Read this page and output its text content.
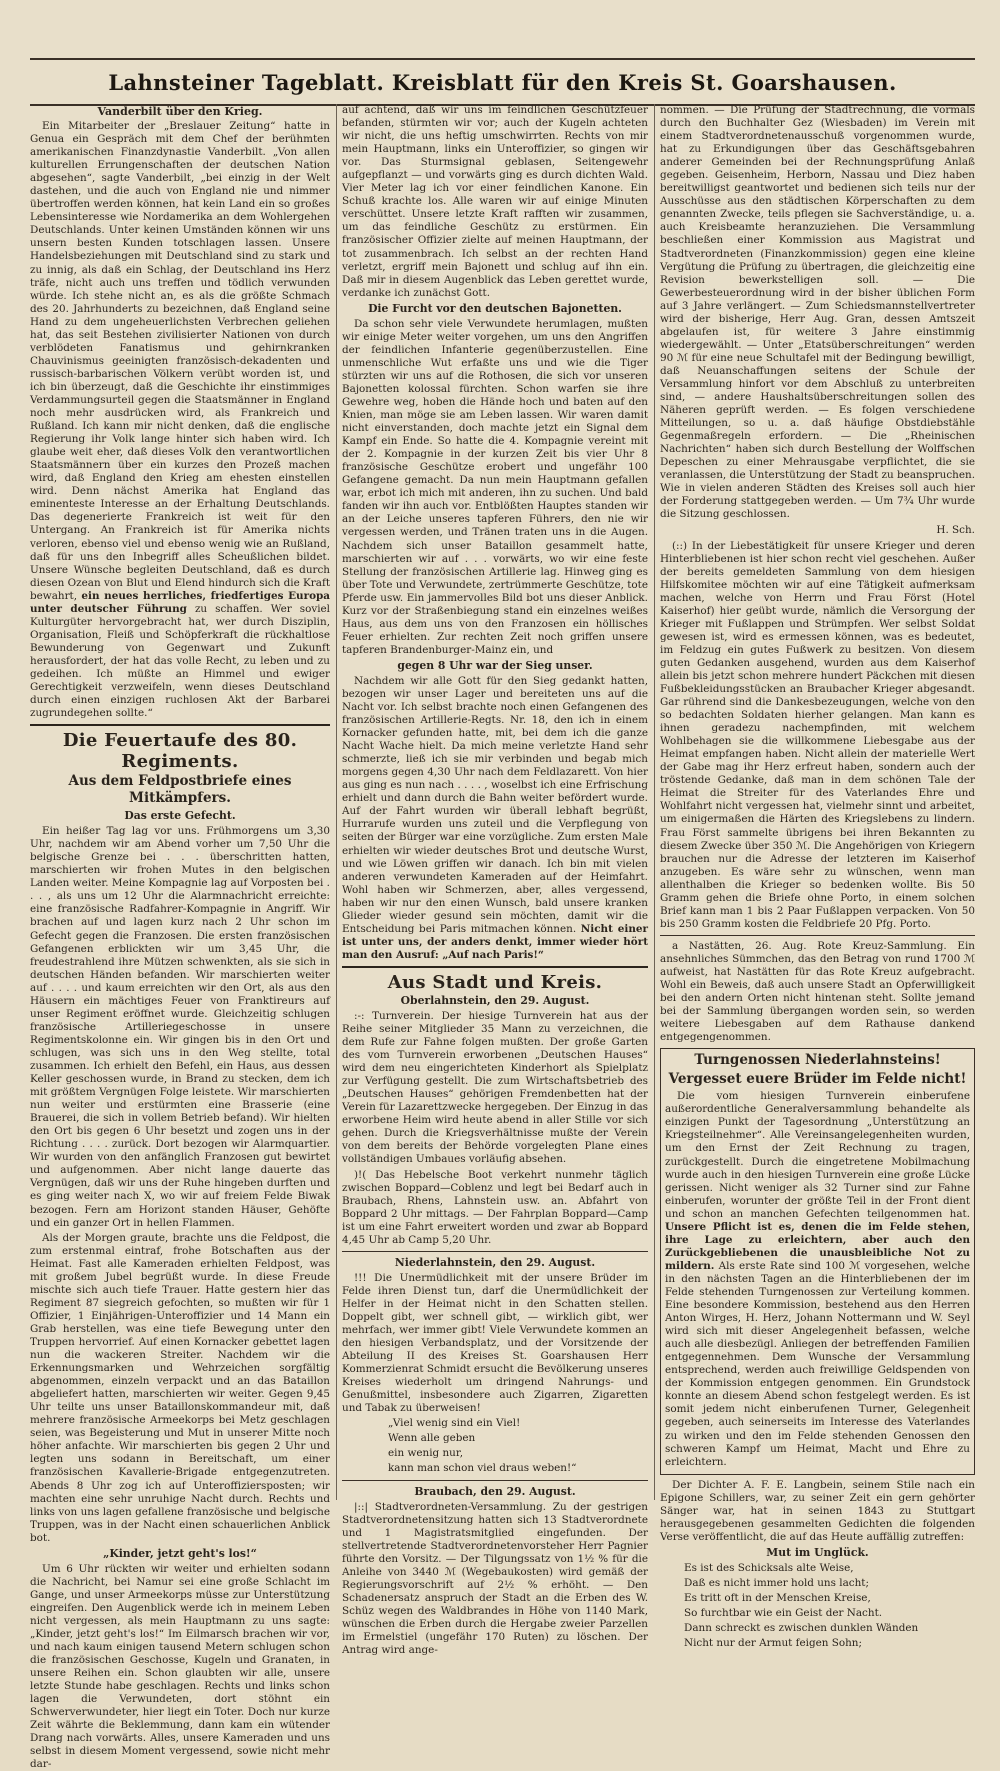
Lahnsteiner Tageblatt. Kreisblatt für den Kreis St. Goarshausen.
Vanderbilt über den Krieg.

Ein Mitarbeiter der „Breslauer Zeitung“ hatte in Genua ein Gespräch mit dem Chef der berühmten amerikanischen Finanzdynastie Vanderbilt. „Von allen kulturellen Errungenschaften der deutschen Nation abgesehen“, sagte Vanderbilt, „bei einzig in der Welt dastehen, und die auch von England nie und nimmer übertroffen werden können, hat kein Land ein so großes Lebensinteresse wie Nordamerika an dem Wohlergehen Deutschlands. Unter keinen Umständen können wir uns unsern besten Kunden totschlagen lassen. Unsere Handelsbeziehungen mit Deutschland sind zu stark und zu innig, als daß ein Schlag, der Deutschland ins Herz träfe, nicht auch uns treffen und tödlich verwunden würde. Ich stehe nicht an, es als die größte Schmach des 20. Jahrhunderts zu bezeichnen, daß England seine Hand zu dem ungeheuerlichsten Verbrechen geliehen hat, das seit Bestehen zivilisierter Nationen von durch verblödeten Fanatismus und gehirnkranken Chauvinismus geeinigten französisch-dekadenten und russisch-barbarischen Völkern verübt worden ist, und ich bin überzeugt, daß die Geschichte ihr einstimmiges Verdammungsurteil gegen die Staatsmänner in England noch mehr ausdrücken wird, als Frankreich und Rußland. Ich kann mir nicht denken, daß die englische Regierung ihr Volk lange hinter sich haben wird. Ich glaube weit eher, daß dieses Volk den verantwortlichen Staatsmännern über ein kurzes den Prozeß machen wird, daß England den Krieg am ehesten einstellen wird. Denn nächst Amerika hat England das eminenteste Interesse an der Erhaltung Deutschlands. Das degenerierte Frankreich ist weit für den Untergang. An Frankreich ist für Amerika nichts verloren, ebenso viel und ebenso wenig wie an Rußland, daß für uns den Inbegriff alles Scheußlichen bildet. Unsere Wünsche begleiten Deutschland, daß es durch diesen Ozean von Blut und Elend hindurch sich die Kraft bewahrt, ein neues herrliches, friedfertiges Europa unter deutscher Führung zu schaffen. Wer soviel Kulturgüter hervorgebracht hat, wer durch Disziplin, Organisation, Fleiß und Schöpferkraft die rückhaltlose Bewunderung von Gegenwart und Zukunft herausfordert, der hat das volle Recht, zu leben und zu gedeihen. Ich müßte an Himmel und ewiger Gerechtigkeit verzweifeln, wenn dieses Deutschland durch einen einzigen ruchlosen Akt der Barbarei zugrundegehen sollte.“

Die Feuertaufe des 80. Regiments.
Aus dem Feldpostbriefe eines Mitkämpfers.
Das erste Gefecht.

Ein heißer Tag lag vor uns. Frühmorgens um 3,30 Uhr, nachdem wir am Abend vorher um 7,50 Uhr die belgische Grenze bei . . . überschritten hatten, marschierten wir frohen Mutes in den belgischen Landen weiter. Meine Kompagnie lag auf Vorposten bei . . . , als uns um 12 Uhr die Alarmnachricht erreichte: eine französische Radfahrer-Kompagnie in Angriff. Wir brachen auf und lagen kurz nach 2 Uhr schon im Gefecht gegen die Franzosen. Die ersten französischen Gefangenen erblickten wir um 3,45 Uhr, die freudestrahlend ihre Mützen schwenkten, als sie sich in deutschen Händen befanden. Wir marschierten weiter auf . . . . und kaum erreichten wir den Ort, als aus den Häusern ein mächtiges Feuer von Franktireurs auf unser Regiment eröffnet wurde. Gleichzeitig schlugen französische Artilleriegeschosse in unsere Regimentskolonne ein. Wir gingen bis in den Ort und schlugen, was sich uns in den Weg stellte, total zusammen. Ich erhielt den Befehl, ein Haus, aus dessen Keller geschossen wurde, in Brand zu stecken, dem ich mit größtem Vergnügen Folge leistete. Wir marschierten nun weiter und erstürmten eine Brasserie (eine Brauerei, die sich in vollem Betrieb befand). Wir hielten den Ort bis gegen 6 Uhr besetzt und zogen uns in der Richtung . . . . zurück. Dort bezogen wir Alarmquartier. Wir wurden von den anfänglich Franzosen gut bewirtet und aufgenommen. Aber nicht lange dauerte das Vergnügen, daß wir uns der Ruhe hingeben durften und es ging weiter nach X, wo wir auf freiem Felde Biwak bezogen. Fern am Horizont standen Häuser, Gehöfte und ein ganzer Ort in hellen Flammen.

Als der Morgen graute, brachte uns die Feldpost, die zum erstenmal eintraf, frohe Botschaften aus der Heimat. Fast alle Kameraden erhielten Feldpost, was mit großem Jubel begrüßt wurde. In diese Freude mischte sich auch tiefe Trauer. Hatte gestern hier das Regiment 87 siegreich gefochten, so mußten wir für 1 Offizier, 1 Einjährigen-Unteroffizier und 14 Mann ein Grab herstellen, was eine tiefe Bewegung unter den Truppen hervorrief. Auf einen Kornacker gebettet lagen nun die wackeren Streiter. Nachdem wir die Erkennungsmarken und Wehrzeichen sorgfältig abgenommen, einzeln verpackt und an das Bataillon abgeliefert hatten, marschierten wir weiter. Gegen 9,45 Uhr teilte uns unser Bataillonskommandeur mit, daß mehrere französische Armeekorps bei Metz geschlagen seien, was Begeisterung und Mut in unserer Mitte noch höher anfachte. Wir marschierten bis gegen 2 Uhr und legten uns sodann in Bereitschaft, um einer französischen Kavallerie-Brigade entgegenzutreten. Abends 8 Uhr zog ich auf Unteroffiziersposten; wir machten eine sehr unruhige Nacht durch. Rechts und links von uns lagen gefallene französische und belgische Truppen, was in der Nacht einen schauerlichen Anblick bot.

„Kinder, jetzt geht's los!“

Um 6 Uhr rückten wir weiter und erhielten sodann die Nachricht, bei Namur sei eine große Schlacht im Gange, und unser Armeekorps müsse zur Unterstützung eingreifen. Den Augenblick werde ich in meinem Leben nicht vergessen, als mein Hauptmann zu uns sagte: „Kinder, jetzt geht's los!“ Im Eilmarsch brachen wir vor, und nach kaum einigen tausend Metern schlugen schon die französischen Geschosse, Kugeln und Granaten, in unsere Reihen ein. Schon glaubten wir alle, unsere letzte Stunde habe geschlagen. Rechts und links schon lagen die Verwundeten, dort stöhnt ein Schwerverwundeter, hier liegt ein Toter. Doch nur kurze Zeit währte die Beklemmung, dann kam ein wütender Drang nach vorwärts. Alles, unsere Kameraden und uns selbst in diesem Moment vergessend, sowie nicht mehr dar-

auf achtend, daß wir uns im feindlichen Geschützfeuer befanden, stürmten wir vor; auch der Kugeln achteten wir nicht, die uns heftig umschwirrten. Rechts von mir mein Hauptmann, links ein Unteroffizier, so gingen wir vor. Das Sturmsignal geblasen, Seitengewehr aufgepflanzt — und vorwärts ging es durch dichten Wald. Vier Meter lag ich vor einer feindlichen Kanone. Ein Schuß krachte los. Alle waren wir auf einige Minuten verschüttet. Unsere letzte Kraft rafften wir zusammen, um das feindliche Geschütz zu erstürmen. Ein französischer Offizier zielte auf meinen Hauptmann, der tot zusammenbrach. Ich selbst an der rechten Hand verletzt, ergriff mein Bajonett und schlug auf ihn ein. Daß mir in diesem Augenblick das Leben gerettet wurde, verdanke ich zunächst Gott.

Die Furcht vor den deutschen Bajonetten.

Da schon sehr viele Verwundete herumlagen, mußten wir einige Meter weiter vorgehen, um uns den Angriffen der feindlichen Infanterie gegenüberzustellen. Eine unmenschliche Wut erfaßte uns und wie die Tiger stürzten wir uns auf die Rothosen, die sich vor unseren Bajonetten kolossal fürchten. Schon warfen sie ihre Gewehre weg, hoben die Hände hoch und baten auf den Knien, man möge sie am Leben lassen. Wir waren damit nicht einverstanden, doch machte jetzt ein Signal dem Kampf ein Ende. So hatte die 4. Kompagnie vereint mit der 2. Kompagnie in der kurzen Zeit bis vier Uhr 8 französische Geschütze erobert und ungefähr 100 Gefangene gemacht. Da nun mein Hauptmann gefallen war, erbot ich mich mit anderen, ihn zu suchen. Und bald fanden wir ihn auch vor. Entblößten Hauptes standen wir an der Leiche unseres tapferen Führers, den nie wir vergessen werden, und Tränen traten uns in die Augen. Nachdem sich unser Bataillon gesammelt hatte, marschierten wir auf . . . vorwärts, wo wir eine feste Stellung der französischen Artillerie lag. Hinweg ging es über Tote und Verwundete, zertrümmerte Geschütze, tote Pferde usw. Ein jammervolles Bild bot uns dieser Anblick. Kurz vor der Straßenbiegung stand ein einzelnes weißes Haus, aus dem uns von den Franzosen ein höllisches Feuer erhielten. Zur rechten Zeit noch griffen unsere tapferen Brandenburger-Mainz ein, und

gegen 8 Uhr war der Sieg unser.

Nachdem wir alle Gott für den Sieg gedankt hatten, bezogen wir unser Lager und bereiteten uns auf die Nacht vor. Ich selbst brachte noch einen Gefangenen des französischen Artillerie-Regts. Nr. 18, den ich in einem Kornacker gefunden hatte, mit, bei dem ich die ganze Nacht Wache hielt. Da mich meine verletzte Hand sehr schmerzte, ließ ich sie mir verbinden und begab mich morgens gegen 4,30 Uhr nach dem Feldlazarett. Von hier aus ging es nun nach . . . . , woselbst ich eine Erfrischung erhielt und dann durch die Bahn weiter befördert wurde. Auf der Fahrt wurden wir überall lebhaft begrüßt, Hurrarufe wurden uns zuteil und die Verpflegung von seiten der Bürger war eine vorzügliche. Zum ersten Male erhielten wir wieder deutsches Brot und deutsche Wurst, und wie Löwen griffen wir danach. Ich bin mit vielen anderen verwundeten Kameraden auf der Heimfahrt. Wohl haben wir Schmerzen, aber, alles vergessend, haben wir nur den einen Wunsch, bald unsere kranken Glieder wieder gesund sein möchten, damit wir die Entscheidung bei Paris mitmachen können. Nicht einer ist unter uns, der anders denkt, immer wieder hört man den Ausruf: „Auf nach Paris!“

Aus Stadt und Kreis.
Oberlahnstein, den 29. August.

:-: Turnverein. Der hiesige Turnverein hat aus der Reihe seiner Mitglieder 35 Mann zu verzeichnen, die dem Rufe zur Fahne folgen mußten. Der große Garten des vom Turnverein erworbenen „Deutschen Hauses“ wird dem neu eingerichteten Kinderhort als Spielplatz zur Verfügung gestellt. Die zum Wirtschaftsbetrieb des „Deutschen Hauses“ gehörigen Fremdenbetten hat der Verein für Lazarettzwecke hergegeben. Der Einzug in das erworbene Heim wird heute abend in aller Stille vor sich gehen. Durch die Kriegsverhältnisse mußte der Verein von dem bereits der Behörde vorgelegten Plane eines vollständigen Umbaues vorläufig absehen.

)!( Das Hebelsche Boot verkehrt nunmehr täglich zwischen Boppard—Coblenz und legt bei Bedarf auch in Braubach, Rhens, Lahnstein usw. an. Abfahrt von Boppard 2 Uhr mittags. — Der Fahrplan Boppard—Camp ist um eine Fahrt erweitert worden und zwar ab Boppard 4,45 Uhr ab Camp 5,20 Uhr.

Niederlahnstein, den 29. August.

!!! Die Unermüdlichkeit mit der unsere Brüder im Felde ihren Dienst tun, darf die Unermüdlichkeit der Helfer in der Heimat nicht in den Schatten stellen. Doppelt gibt, wer schnell gibt, — wirklich gibt, wer mehrfach, wer immer gibt! Viele Verwundete kommen an den hiesigen Verbandsplatz, und der Vorsitzende der Abteilung II des Kreises St. Goarshausen Herr Kommerzienrat Schmidt ersucht die Bevölkerung unseres Kreises wiederholt um dringend Nahrungs- und Genußmittel, insbesondere auch Zigarren, Zigaretten und Tabak zu überweisen!

„Viel wenig sind ein Viel!
Wenn alle geben
ein wenig nur,
kann man schon viel draus weben!“
Braubach, den 29. August.

|::| Stadtverordneten-Versammlung. Zu der gestrigen Stadtverordnetensitzung hatten sich 13 Stadtverordnete und 1 Magistratsmitglied eingefunden. Der stellvertretende Stadtverordnetenvorsteher Herr Pagnier führte den Vorsitz. — Der Tilgungssatz von 1½ % für die Anleihe von 3440 ℳ (Wegebaukosten) wird gemäß der Regierungsvorschrift auf 2½ % erhöht. — Den Schadenersatz anspruch der Stadt an die Erben des W. Schüz wegen des Waldbrandes in Höhe von 1140 Mark, wünschen die Erben durch die Hergabe zweier Parzellen im Ermelstiel (ungefähr 170 Ruten) zu löschen. Der Antrag wird ange-

nommen. — Die Prüfung der Stadtrechnung, die vormals durch den Buchhalter Gez (Wiesbaden) im Verein mit einem Stadtverordnetenausschuß vorgenommen wurde, hat zu Erkundigungen über das Geschäftsgebahren anderer Gemeinden bei der Rechnungsprüfung Anlaß gegeben. Geisenheim, Herborn, Nassau und Diez haben bereitwilligst geantwortet und bedienen sich teils nur der Ausschüsse aus den städtischen Körperschaften zu dem genannten Zwecke, teils pflegen sie Sachverständige, u. a. auch Kreisbeamte heranzuziehen. Die Versammlung beschließen einer Kommission aus Magistrat und Stadtverordneten (Finanzkommission) gegen eine kleine Vergütung die Prüfung zu übertragen, die gleichzeitig eine Revision bewerkstelligen soll. — Die Gewerbesteuerordnung wird in der bisher üblichen Form auf 3 Jahre verlängert. — Zum Schiedsmannstellvertreter wird der bisherige, Herr Aug. Gran, dessen Amtszeit abgelaufen ist, für weitere 3 Jahre einstimmig wiedergewählt. — Unter „Etatsüberschreitungen“ werden 90 ℳ für eine neue Schultafel mit der Bedingung bewilligt, daß Neuanschaffungen seitens der Schule der Versammlung hinfort vor dem Abschluß zu unterbreiten sind, — andere Haushaltsüberschreitungen sollen des Näheren geprüft werden. — Es folgen verschiedene Mitteilungen, so u. a. daß häufige Obstdiebstähle Gegenmaßregeln erfordern. — Die „Rheinischen Nachrichten“ haben sich durch Bestellung der Wolffschen Depeschen zu einer Mehrausgabe verpflichtet, die sie veranlassen, die Unterstützung der Stadt zu beanspruchen. Wie in vielen anderen Städten des Kreises soll auch hier der Forderung stattgegeben werden. — Um 7¾ Uhr wurde die Sitzung geschlossen.

H. Sch.

(::) In der Liebestätigkeit für unsere Krieger und deren Hinterbliebenen ist hier schon recht viel geschehen. Außer der bereits gemeldeten Sammlung von dem hiesigen Hilfskomitee möchten wir auf eine Tätigkeit aufmerksam machen, welche von Herrn und Frau Först (Hotel Kaiserhof) hier geübt wurde, nämlich die Versorgung der Krieger mit Fußlappen und Strümpfen. Wer selbst Soldat gewesen ist, wird es ermessen können, was es bedeutet, im Feldzug ein gutes Fußwerk zu besitzen. Von diesem guten Gedanken ausgehend, wurden aus dem Kaiserhof allein bis jetzt schon mehrere hundert Päckchen mit diesen Fußbekleidungsstücken an Braubacher Krieger abgesandt. Gar rührend sind die Dankesbezeugungen, welche von den so bedachten Soldaten hierher gelangen. Man kann es ihnen geradezu nachempfinden, mit welchem Wohlbehagen sie die willkommene Liebesgabe aus der Heimat empfangen haben. Nicht allein der materielle Wert der Gabe mag ihr Herz erfreut haben, sondern auch der tröstende Gedanke, daß man in dem schönen Tale der Heimat die Streiter für des Vaterlandes Ehre und Wohlfahrt nicht vergessen hat, vielmehr sinnt und arbeitet, um einigermaßen die Härten des Kriegslebens zu lindern. Frau Först sammelte übrigens bei ihren Bekannten zu diesem Zwecke über 350 ℳ. Die Angehörigen von Kriegern brauchen nur die Adresse der letzteren im Kaiserhof anzugeben. Es wäre sehr zu wünschen, wenn man allenthalben die Krieger so bedenken wollte. Bis 50 Gramm gehen die Briefe ohne Porto, in einem solchen Brief kann man 1 bis 2 Paar Fußlappen verpacken. Von 50 bis 250 Gramm kosten die Feldbriefe 20 Pfg. Porto.

a Nastätten, 26. Aug. Rote Kreuz-Sammlung. Ein ansehnliches Sümmchen, das den Betrag von rund 1700 ℳ aufweist, hat Nastätten für das Rote Kreuz aufgebracht. Wohl ein Beweis, daß auch unsere Stadt an Opferwilligkeit bei den andern Orten nicht hintenan steht. Sollte jemand bei der Sammlung übergangen worden sein, so werden weitere Liebesgaben auf dem Rathause dankend entgegengenommen.

Turngenossen Niederlahnsteins!
Vergesset euere Brüder im Felde nicht!

Die vom hiesigen Turnverein einberufene außerordentliche Generalversammlung behandelte als einzigen Punkt der Tagesordnung „Unterstützung an Kriegsteilnehmer“. Alle Vereinsangelegenheiten wurden, um den Ernst der Zeit Rechnung zu tragen, zurückgestellt. Durch die eingetretene Mobilmachung wurde auch in den hiesigen Turnverein eine große Lücke gerissen. Nicht weniger als 32 Turner sind zur Fahne einberufen, worunter der größte Teil in der Front dient und schon an manchen Gefechten teilgenommen hat. Unsere Pflicht ist es, denen die im Felde stehen, ihre Lage zu erleichtern, aber auch den Zurückgebliebenen die unausbleibliche Not zu mildern. Als erste Rate sind 100 ℳ vorgesehen, welche in den nächsten Tagen an die Hinterbliebenen der im Felde stehenden Turngenossen zur Verteilung kommen. Eine besondere Kommission, bestehend aus den Herren Anton Wirges, H. Herz, Johann Nottermann und W. Seyl wird sich mit dieser Angelegenheit befassen, welche auch alle diesbezügl. Anliegen der betreffenden Familien entgegennehmen. Dem Wunsche der Versammlung entsprechend, werden auch freiwillige Geldspenden von der Kommission entgegen genommen. Ein Grundstock konnte an diesem Abend schon festgelegt werden. Es ist somit jedem nicht einberufenen Turner, Gelegenheit gegeben, auch seinerseits im Interesse des Vaterlandes zu wirken und den im Felde stehenden Genossen den schweren Kampf um Heimat, Macht und Ehre zu erleichtern.

Der Dichter A. F. E. Langbein, seinem Stile nach ein Epigone Schillers, war, zu seiner Zeit ein gern gehörter Sänger war, hat in seinen 1843 zu Stuttgart herausgegebenen gesammelten Gedichten die folgenden Verse veröffentlicht, die auf das Heute auffällig zutreffen:

Mut im Unglück.
Es ist des Schicksals alte Weise,
Daß es nicht immer hold uns lacht;
Es tritt oft in der Menschen Kreise,
So furchtbar wie ein Geist der Nacht.
Dann schreckt es zwischen dunklen Wänden
Nicht nur der Armut feigen Sohn;
